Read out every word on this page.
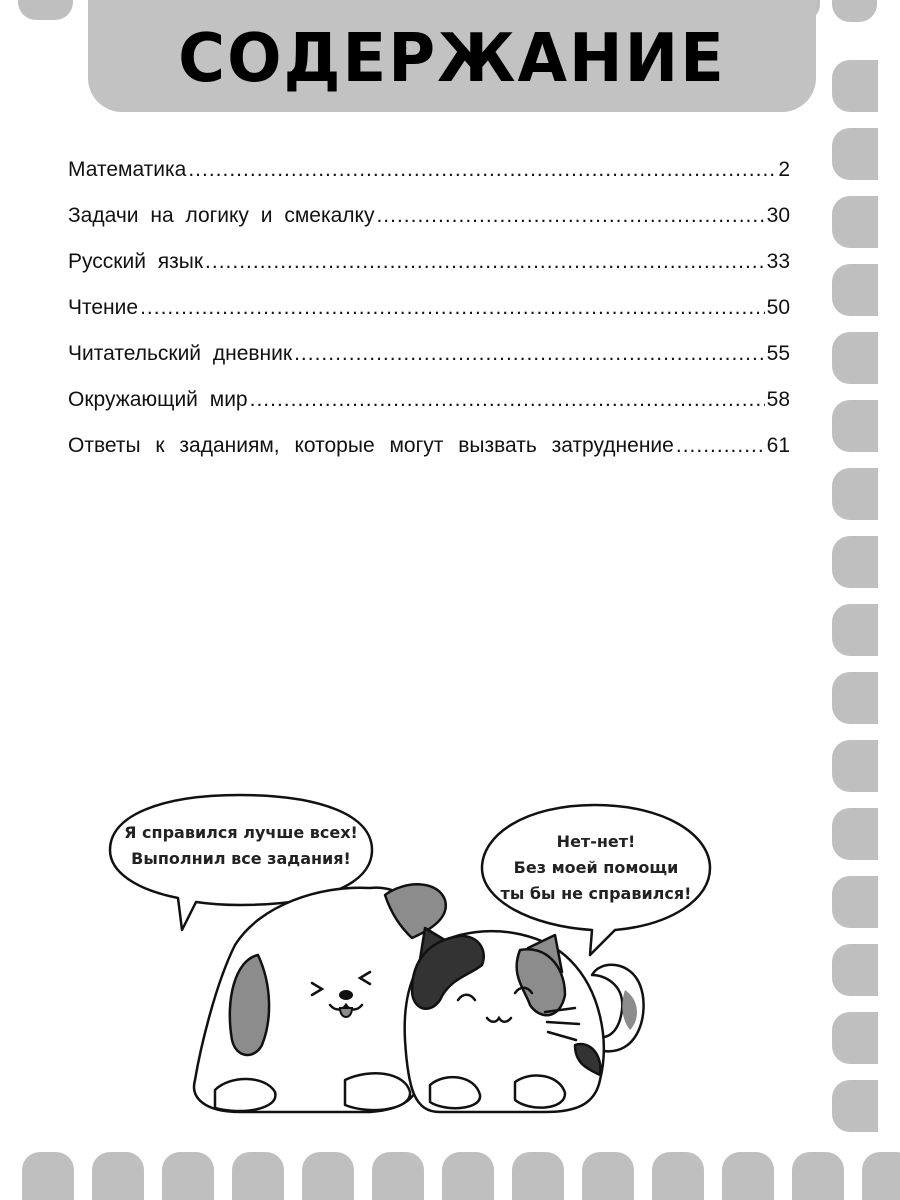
СОДЕРЖАНИЕ
Математика .....	2
Задачи на логику и смекалку .....	30
Русский язык .....	33
Чтение .....	50
Читательский дневник .....	55
Окружающий мир .....	58
Ответы к заданиям, которые могут вызвать затруднение .....	61
Я справился лучше всех!
Выполнил все задания!
Нет-нет!
Без моей помощи
ты бы не справился!
